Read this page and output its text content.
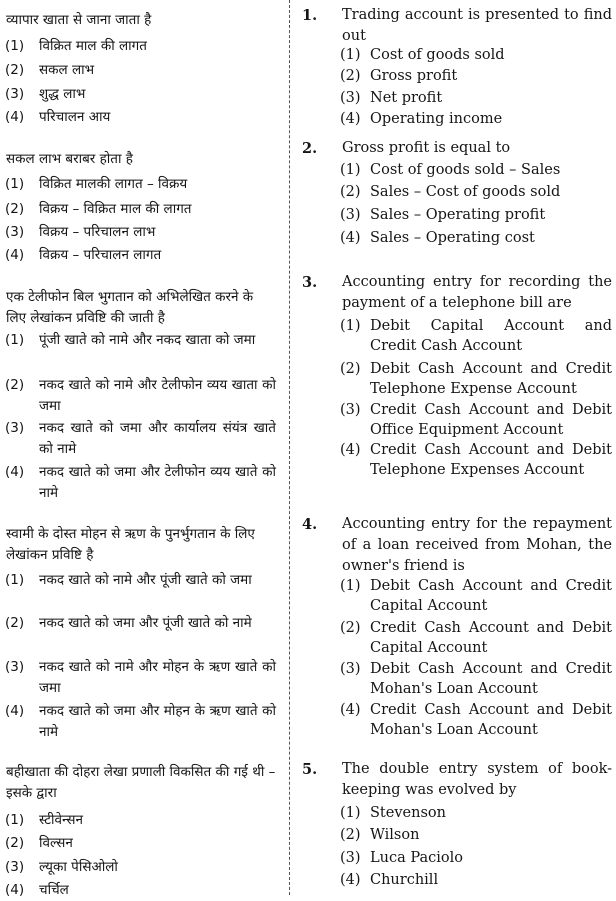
व्यापार खाता से जाना जाता है
(1) विक्रित माल की लागत
(2) सकल लाभ
(3) शुद्ध लाभ
(4) परिचालन आय
सकल लाभ बराबर होता है
(1) विक्रित मालकी लागत – विक्रय
(2) विक्रय – विक्रित माल की लागत
(3) विक्रय – परिचालन लाभ
(4) विक्रय – परिचालन लागत
एक टेलीफोन बिल भुगतान को अभिलेखित करने के लिए लेखांकन प्रविष्टि की जाती है
(1) पूंजी खाते को नामे और नकद खाता को जमा
(2) नकद खाते को नामे और टेलीफोन व्यय खाता को जमा
(3) नकद खाते को जमा और कार्यालय संयंत्र खाते को नामे
(4) नकद खाते को जमा और टेलीफोन व्यय खाते को नामे
स्वामी के दोस्त मोहन से ऋण के पुनर्भुगतान के लिए लेखांकन प्रविष्टि है
(1) नकद खाते को नामे और पूंजी खाते को जमा
(2) नकद खाते को जमा और पूंजी खाते को नामे
(3) नकद खाते को नामे और मोहन के ऋण खाते को जमा
(4) नकद खाते को जमा और मोहन के ऋण खाते को नामे
बहीखाता की दोहरा लेखा प्रणाली विकसित की गई थी – इसके द्वारा
(1) स्टीवेन्सन
(2) विल्सन
(3) ल्यूका पेसिओलो
(4) चर्चिल
1. Trading account is presented to find out
(1) Cost of goods sold
(2) Gross profit
(3) Net profit
(4) Operating income
2. Gross profit is equal to
(1) Cost of goods sold – Sales
(2) Sales – Cost of goods sold
(3) Sales – Operating profit
(4) Sales – Operating cost
3. Accounting entry for recording the payment of a telephone bill are
(1) Debit Capital Account and Credit Cash Account
(2) Debit Cash Account and Credit Telephone Expense Account
(3) Credit Cash Account and Debit Office Equipment Account
(4) Credit Cash Account and Debit Telephone Expenses Account
4. Accounting entry for the repayment of a loan received from Mohan, the owner's friend is
(1) Debit Cash Account and Credit Capital Account
(2) Credit Cash Account and Debit Capital Account
(3) Debit Cash Account and Credit Mohan's Loan Account
(4) Credit Cash Account and Debit Mohan's Loan Account
5. The double entry system of book-keeping was evolved by
(1) Stevenson
(2) Wilson
(3) Luca Paciolo
(4) Churchill
